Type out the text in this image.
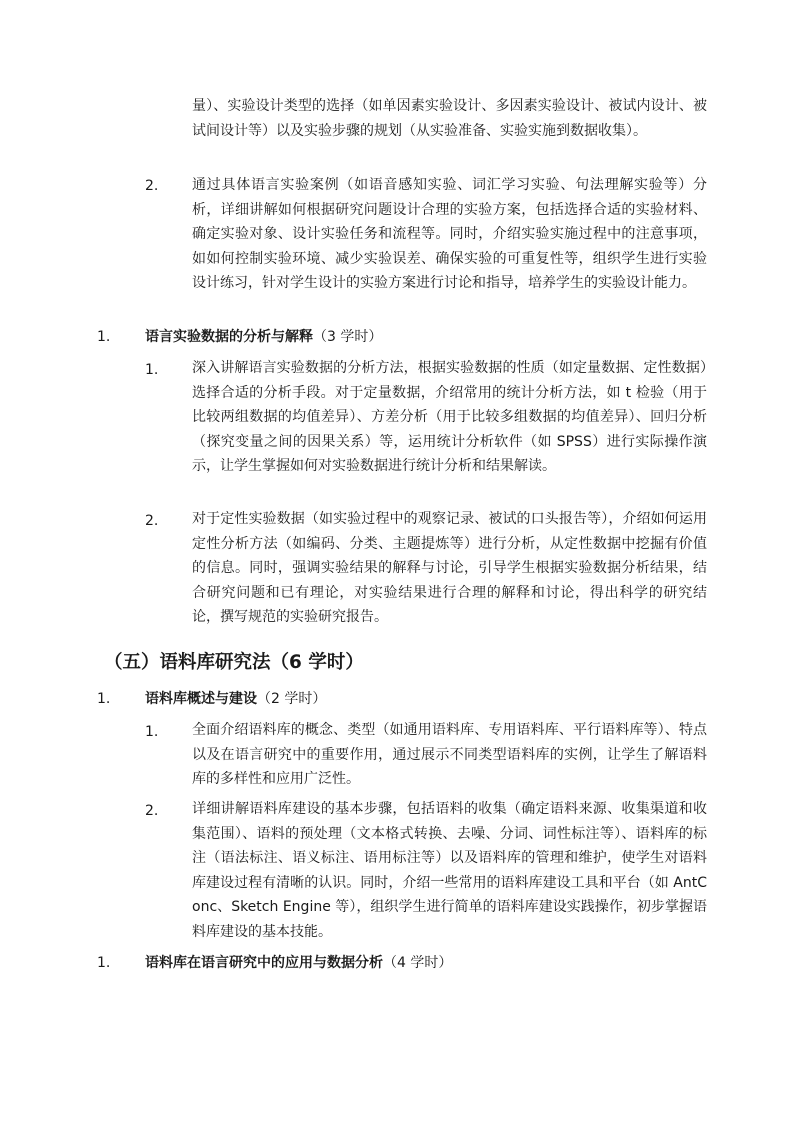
量）、实验设计类型的选择（如单因素实验设计、多因素实验设计、被试内设计、被试间设计等）以及实验步骤的规划（从实验准备、实验实施到数据收集）。
2. 通过具体语言实验案例（如语音感知实验、词汇学习实验、句法理解实验等）分析，详细讲解如何根据研究问题设计合理的实验方案，包括选择合适的实验材料、确定实验对象、设计实验任务和流程等。同时，介绍实验实施过程中的注意事项，如如何控制实验环境、减少实验误差、确保实验的可重复性等，组织学生进行实验设计练习，针对学生设计的实验方案进行讨论和指导，培养学生的实验设计能力。
1. 语言实验数据的分析与解释（3 学时）
1. 深入讲解语言实验数据的分析方法，根据实验数据的性质（如定量数据、定性数据）选择合适的分析手段。对于定量数据，介绍常用的统计分析方法，如 t 检验（用于比较两组数据的均值差异）、方差分析（用于比较多组数据的均值差异）、回归分析（探究变量之间的因果关系）等，运用统计分析软件（如 SPSS）进行实际操作演示，让学生掌握如何对实验数据进行统计分析和结果解读。
2. 对于定性实验数据（如实验过程中的观察记录、被试的口头报告等），介绍如何运用定性分析方法（如编码、分类、主题提炼等）进行分析，从定性数据中挖掘有价值的信息。同时，强调实验结果的解释与讨论，引导学生根据实验数据分析结果，结合研究问题和已有理论，对实验结果进行合理的解释和讨论，得出科学的研究结论，撰写规范的实验研究报告。
（五）语料库研究法（6 学时）
1. 语料库概述与建设（2 学时）
1. 全面介绍语料库的概念、类型（如通用语料库、专用语料库、平行语料库等）、特点以及在语言研究中的重要作用，通过展示不同类型语料库的实例，让学生了解语料库的多样性和应用广泛性。
2. 详细讲解语料库建设的基本步骤，包括语料的收集（确定语料来源、收集渠道和收集范围）、语料的预处理（文本格式转换、去噪、分词、词性标注等）、语料库的标注（语法标注、语义标注、语用标注等）以及语料库的管理和维护，使学生对语料库建设过程有清晰的认识。同时，介绍一些常用的语料库建设工具和平台（如 AntConc、Sketch Engine 等），组织学生进行简单的语料库建设实践操作，初步掌握语料库建设的基本技能。
1. 语料库在语言研究中的应用与数据分析（4 学时）
